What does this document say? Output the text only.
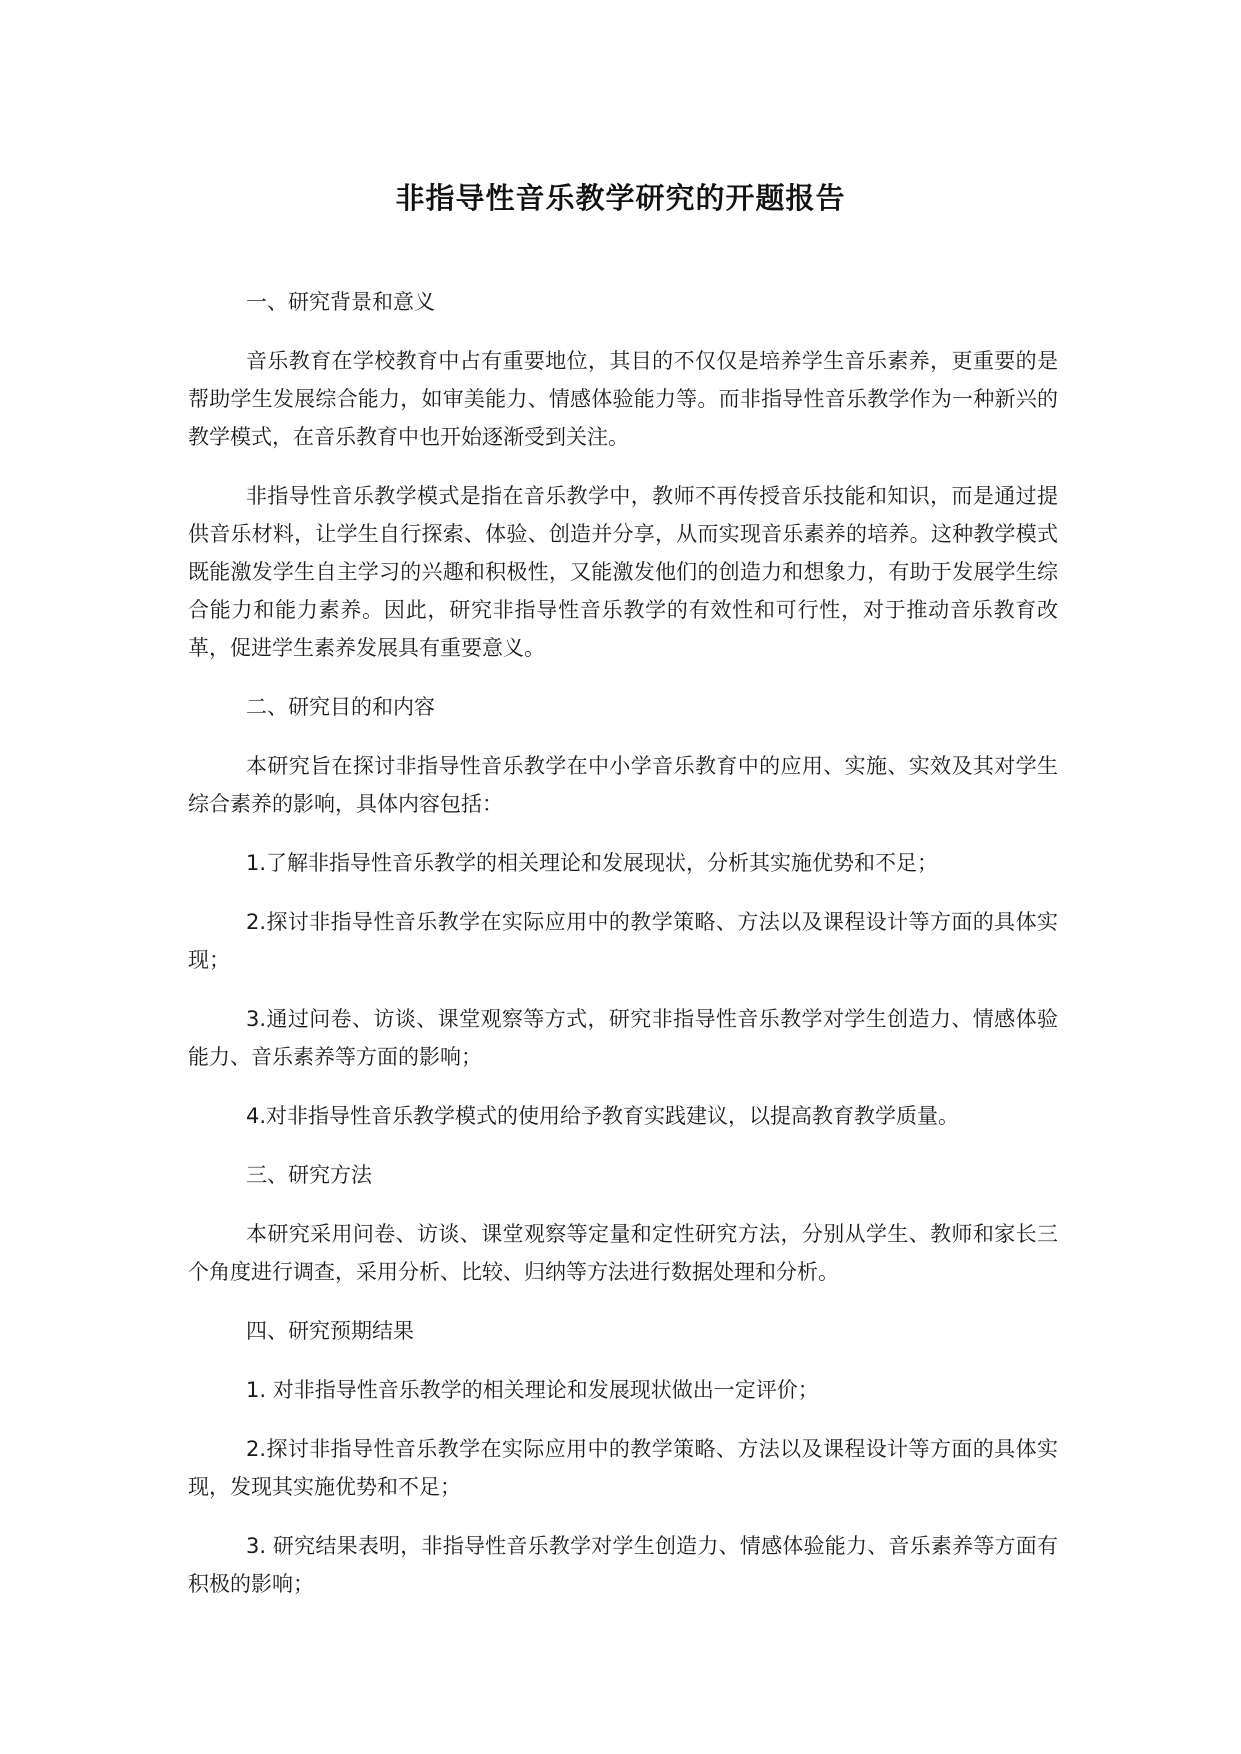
非指导性音乐教学研究的开题报告

一、研究背景和意义

音乐教育在学校教育中占有重要地位，其目的不仅仅是培养学生音乐素养，更重要的是帮助学生发展综合能力，如审美能力、情感体验能力等。而非指导性音乐教学作为一种新兴的教学模式，在音乐教育中也开始逐渐受到关注。

非指导性音乐教学模式是指在音乐教学中，教师不再传授音乐技能和知识，而是通过提供音乐材料，让学生自行探索、体验、创造并分享，从而实现音乐素养的培养。这种教学模式既能激发学生自主学习的兴趣和积极性，又能激发他们的创造力和想象力，有助于发展学生综合能力和能力素养。因此，研究非指导性音乐教学的有效性和可行性，对于推动音乐教育改革，促进学生素养发展具有重要意义。

二、研究目的和内容

本研究旨在探讨非指导性音乐教学在中小学音乐教育中的应用、实施、实效及其对学生综合素养的影响，具体内容包括：

1.了解非指导性音乐教学的相关理论和发展现状，分析其实施优势和不足；

2.探讨非指导性音乐教学在实际应用中的教学策略、方法以及课程设计等方面的具体实现；

3.通过问卷、访谈、课堂观察等方式，研究非指导性音乐教学对学生创造力、情感体验能力、音乐素养等方面的影响；

4.对非指导性音乐教学模式的使用给予教育实践建议，以提高教育教学质量。

三、研究方法

本研究采用问卷、访谈、课堂观察等定量和定性研究方法，分别从学生、教师和家长三个角度进行调查，采用分析、比较、归纳等方法进行数据处理和分析。

四、研究预期结果

1. 对非指导性音乐教学的相关理论和发展现状做出一定评价；

2.探讨非指导性音乐教学在实际应用中的教学策略、方法以及课程设计等方面的具体实现，发现其实施优势和不足；

3. 研究结果表明，非指导性音乐教学对学生创造力、情感体验能力、音乐素养等方面有积极的影响；
